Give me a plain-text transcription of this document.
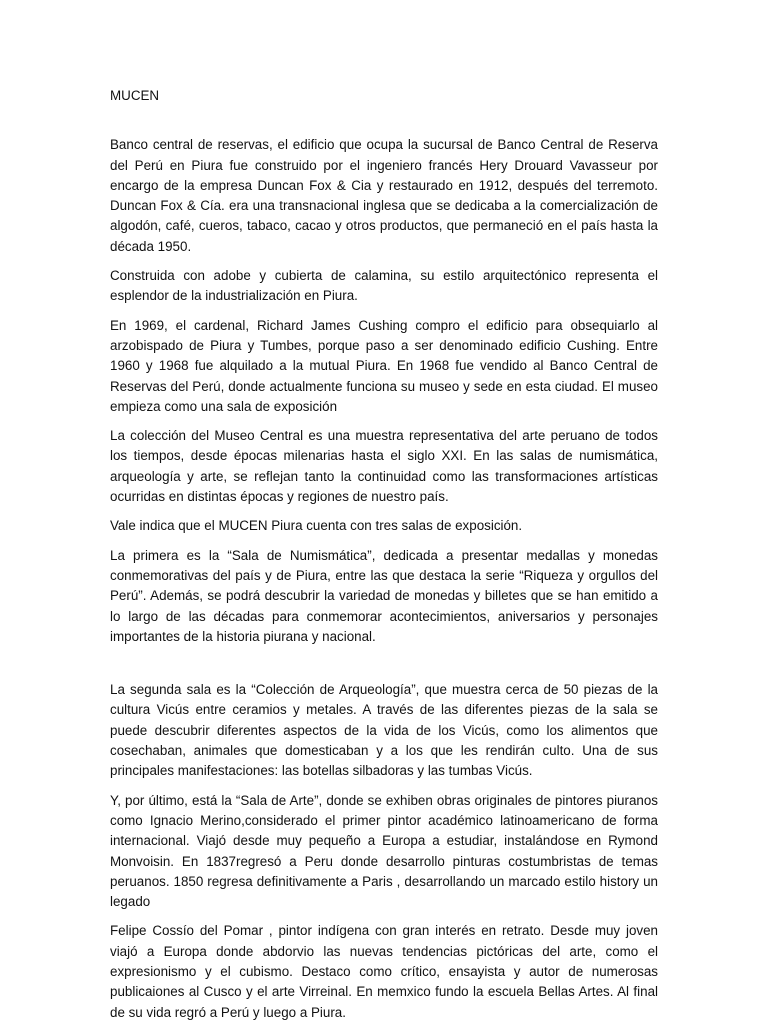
MUCEN

Banco central de reservas, el edificio que ocupa la sucursal de Banco Central de Reserva del Perú en Piura fue construido por el ingeniero francés Hery Drouard Vavasseur por encargo de la empresa Duncan Fox & Cia y restaurado en 1912, después del terremoto. Duncan Fox & Cía. era una transnacional inglesa que se dedicaba a la comercialización de algodón, café, cueros, tabaco, cacao y otros productos, que permaneció en el país hasta la década 1950.

Construida con adobe y cubierta de calamina, su estilo arquitectónico representa el esplendor de la industrialización en Piura.

En 1969, el cardenal, Richard James Cushing compro el edificio para obsequiarlo al arzobispado de Piura y Tumbes, porque paso a ser denominado edificio Cushing. Entre 1960 y 1968 fue alquilado a la mutual Piura. En 1968 fue vendido al Banco Central de Reservas del Perú, donde actualmente funciona su museo y sede en esta ciudad. El museo empieza como una sala de exposición

La colección del Museo Central es una muestra representativa del arte peruano de todos los tiempos, desde épocas milenarias hasta el siglo XXI. En las salas de numismática, arqueología y arte, se reflejan tanto la continuidad como las transformaciones artísticas ocurridas en distintas épocas y regiones de nuestro país.

Vale indica que el MUCEN Piura cuenta con tres salas de exposición.

La primera es la “Sala de Numismática”, dedicada a presentar medallas y monedas conmemorativas del país y de Piura, entre las que destaca la serie “Riqueza y orgullos del Perú”. Además, se podrá descubrir la variedad de monedas y billetes que se han emitido a lo largo de las décadas para conmemorar acontecimientos, aniversarios y personajes importantes de la historia piurana y nacional.

La segunda sala es la “Colección de Arqueología”, que muestra cerca de 50 piezas de la cultura Vicús entre ceramios y metales. A través de las diferentes piezas de la sala se puede descubrir diferentes aspectos de la vida de los Vicús, como los alimentos que cosechaban, animales que domesticaban y a los que les rendirán culto. Una de sus principales manifestaciones: las botellas silbadoras y las tumbas Vicús.

Y, por último, está la “Sala de Arte”, donde se exhiben obras originales de pintores piuranos como Ignacio Merino,considerado el primer pintor académico latinoamericano de forma internacional. Viajó desde muy pequeño a Europa a estudiar, instalándose en Rymond Monvoisin. En 1837regresó a Peru donde desarrollo pinturas costumbristas de temas peruanos. 1850 regresa definitivamente a Paris , desarrollando un marcado estilo history un legado

Felipe Cossío del Pomar , pintor indígena con gran interés en retrato. Desde muy joven viajó a Europa donde abdorvio las nuevas tendencias pictóricas del arte, como el expresionismo y el cubismo. Destaco como crítico, ensayista y autor de numerosas publicaiones al Cusco y el arte Virreinal. En memxico fundo la escuela Bellas Artes. Al final de su vida regró a Perú y luego a Piura.
